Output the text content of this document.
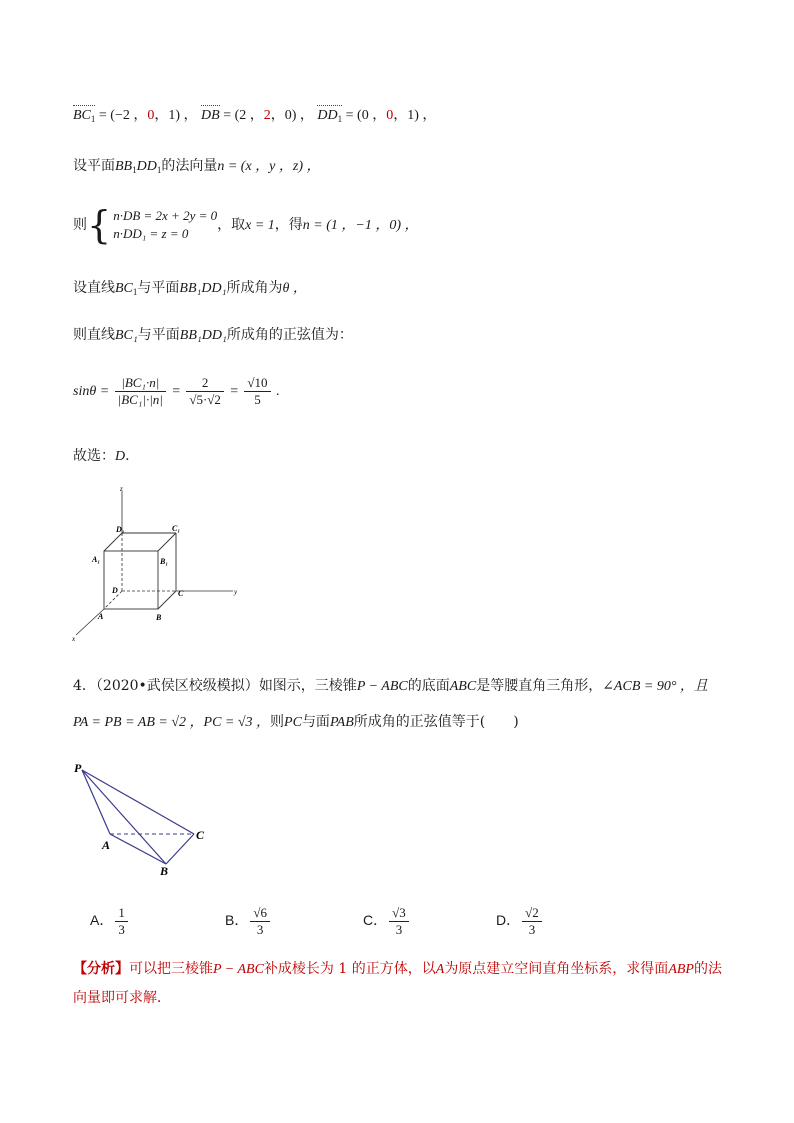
$BC_1 = (-2$ ，0，1) ， DB = (2 ，2，0) ， $DD_1 = (0$ ，0，1) ，
设平面$BB_1DD_1$的法向量n = (x ，y ，z) ，
则{ n·DB = 2x + 2y = 0
n·DD₁ = z = 0
，取x = 1，得n = (1 ，−1 ，0) ，
设直线$BC_1$与平面BB₁DD₁所成角为θ ，
则直线BC₁与平面BB₁DD₁所成角的正弦值为：
$\sin\theta = \frac{\text{|BC₁·n|}}{\text{|BC₁|·|n|}} = \frac{2}{√5\cdot√2} = \frac{√10}{5}$ .
故选：D.
z
y
x
D₁	C₁
A₁	B₁
D	C
A	B
4．（2020•武侯区校级模拟）如图示，三棱锥P − ABC的底面ABC是等腰直角三角形，∠ACB = 90° ，且
PA = PB = AB = √2 ，PC = √3 ，则PC与面PAB所成角的正弦值等于(　　)
P
A
B
C
A． $\frac{1}{3}$	B． $\frac{√6}{3}$	C． $\frac{√3}{3}$	D． $\frac{√2}{3}$
【分析】可以把三棱锥P − ABC补成棱长为 1 的正方体，以A为原点建立空间直角坐标系，求得面ABP的法向量即可求解．
